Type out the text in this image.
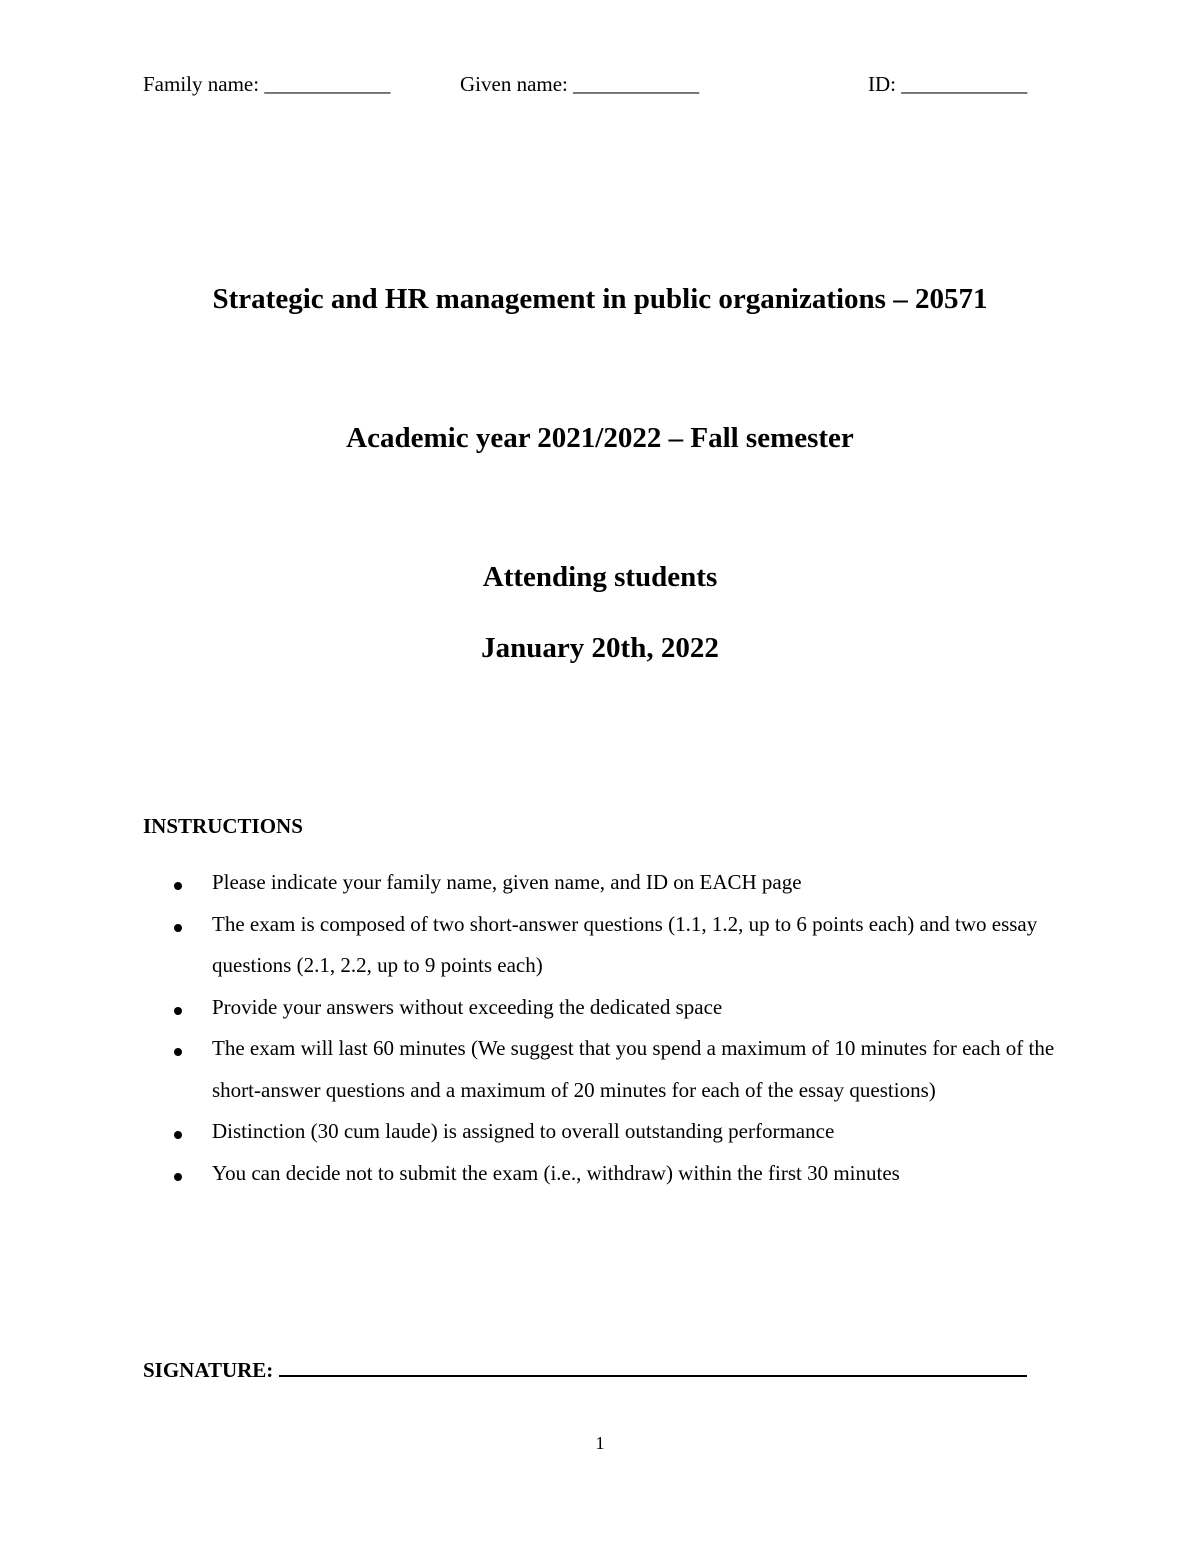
Family name: ____________	Given name: ____________	ID: ____________
Strategic and HR management in public organizations – 20571
Academic year 2021/2022 – Fall semester
Attending students
January 20th, 2022
INSTRUCTIONS
Please indicate your family name, given name, and ID on EACH page
The exam is composed of two short-answer questions (1.1, 1.2, up to 6 points each) and two essay questions (2.1, 2.2, up to 9 points each)
Provide your answers without exceeding the dedicated space
The exam will last 60 minutes (We suggest that you spend a maximum of 10 minutes for each of the short-answer questions and a maximum of 20 minutes for each of the essay questions)
Distinction (30 cum laude) is assigned to overall outstanding performance
You can decide not to submit the exam (i.e., withdraw) within the first 30 minutes
SIGNATURE:
1
